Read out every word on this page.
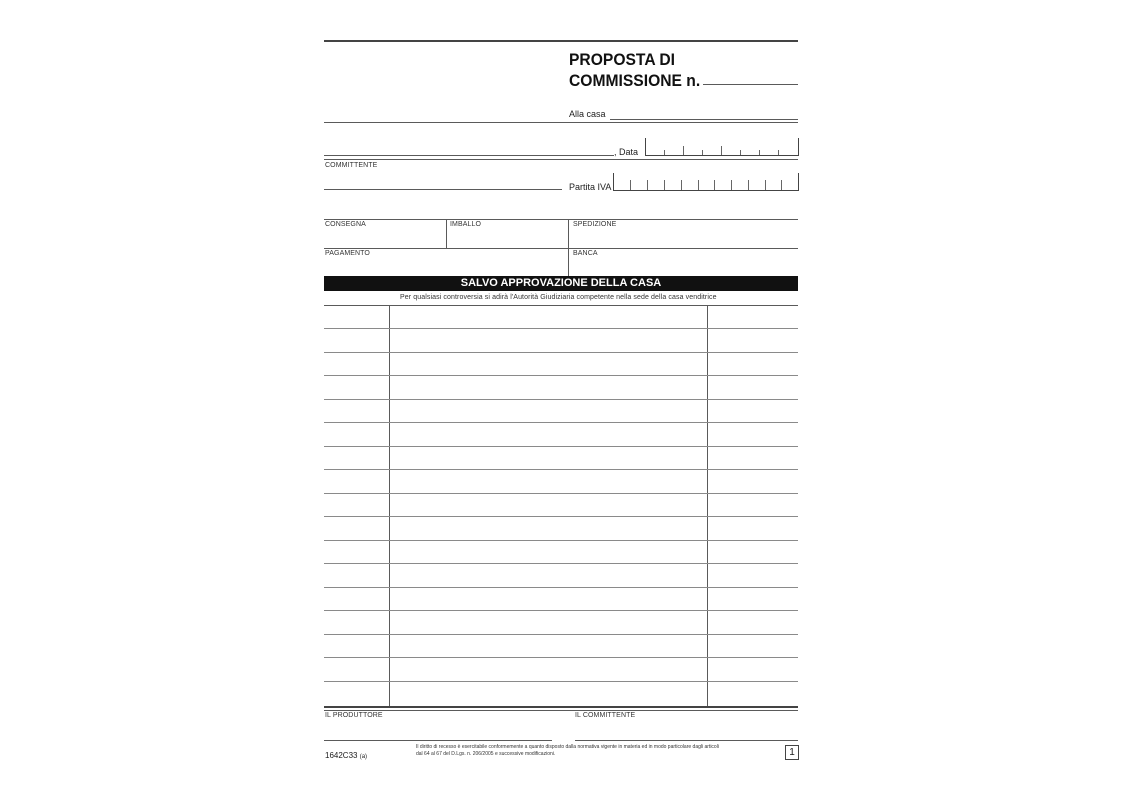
PROPOSTA DI
COMMISSIONE n.
Alla casa
, Data
COMMITTENTE
Partita IVA
CONSEGNA	IMBALLO	SPEDIZIONE
PAGAMENTO	BANCA
SALVO APPROVAZIONE DELLA CASA
Per qualsiasi controversia si adirà l'Autorità Giudiziaria competente nella sede della casa venditrice
IL PRODUTTORE	IL COMMITTENTE
1642C33 (a)
Il diritto di recesso è esercitabile conformemente a quanto disposto dalla normativa vigente in materia ed in modo particolare dagli articoli
dal 64 al 67 del D.Lgs. n. 206/2005 e successive modificazioni.	1
